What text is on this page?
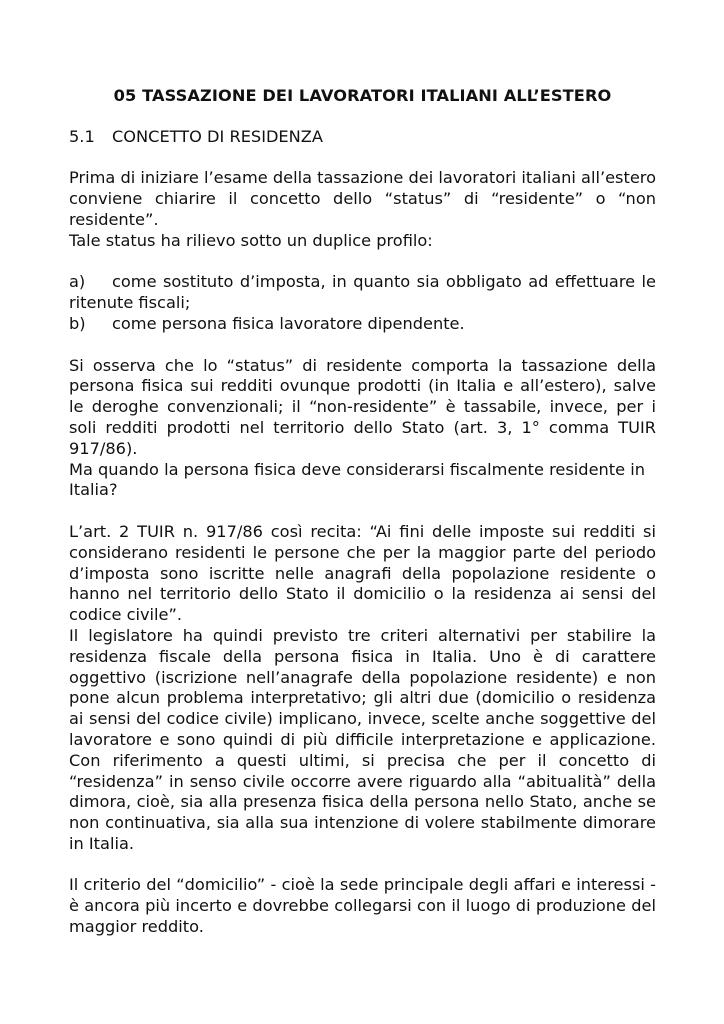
05 TASSAZIONE DEI LAVORATORI ITALIANI ALL’ESTERO
5.1	CONCETTO DI RESIDENZA

Prima di iniziare l’esame della tassazione dei lavoratori italiani all’estero conviene chiarire il concetto dello “status” di “residente” o “non residente”.

Tale status ha rilievo sotto un duplice profilo:

a) come sostituto d’imposta, in quanto sia obbligato ad effettuare le ritenute fiscali;

b) come persona fisica lavoratore dipendente.

Si osserva che lo “status” di residente comporta la tassazione della persona fisica sui redditi ovunque prodotti (in Italia e all’estero), salve le deroghe convenzionali; il “non-residente” è tassabile, invece, per i soli redditi prodotti nel territorio dello Stato (art. 3, 1° comma TUIR 917/86).

Ma quando la persona fisica deve considerarsi fiscalmente residente in Italia?

L’art. 2 TUIR n. 917/86 così recita: “Ai fini delle imposte sui redditi si considerano residenti le persone che per la maggior parte del periodo d’imposta sono iscritte nelle anagrafi della popolazione residente o hanno nel territorio dello Stato il domicilio o la residenza ai sensi del codice civile”.

Il legislatore ha quindi previsto tre criteri alternativi per stabilire la residenza fiscale della persona fisica in Italia. Uno è di carattere oggettivo (iscrizione nell’anagrafe della popolazione residente) e non pone alcun problema interpretativo; gli altri due (domicilio o residenza ai sensi del codice civile) implicano, invece, scelte anche soggettive del lavoratore e sono quindi di più difficile interpretazione e applicazione. Con riferimento a questi ultimi, si precisa che per il concetto di “residenza” in senso civile occorre avere riguardo alla “abitualità” della dimora, cioè, sia alla presenza fisica della persona nello Stato, anche se non continuativa, sia alla sua intenzione di volere stabilmente dimorare in Italia.

Il criterio del “domicilio” - cioè la sede principale degli affari e interessi - è ancora più incerto e dovrebbe collegarsi con il luogo di produzione del maggior reddito.
